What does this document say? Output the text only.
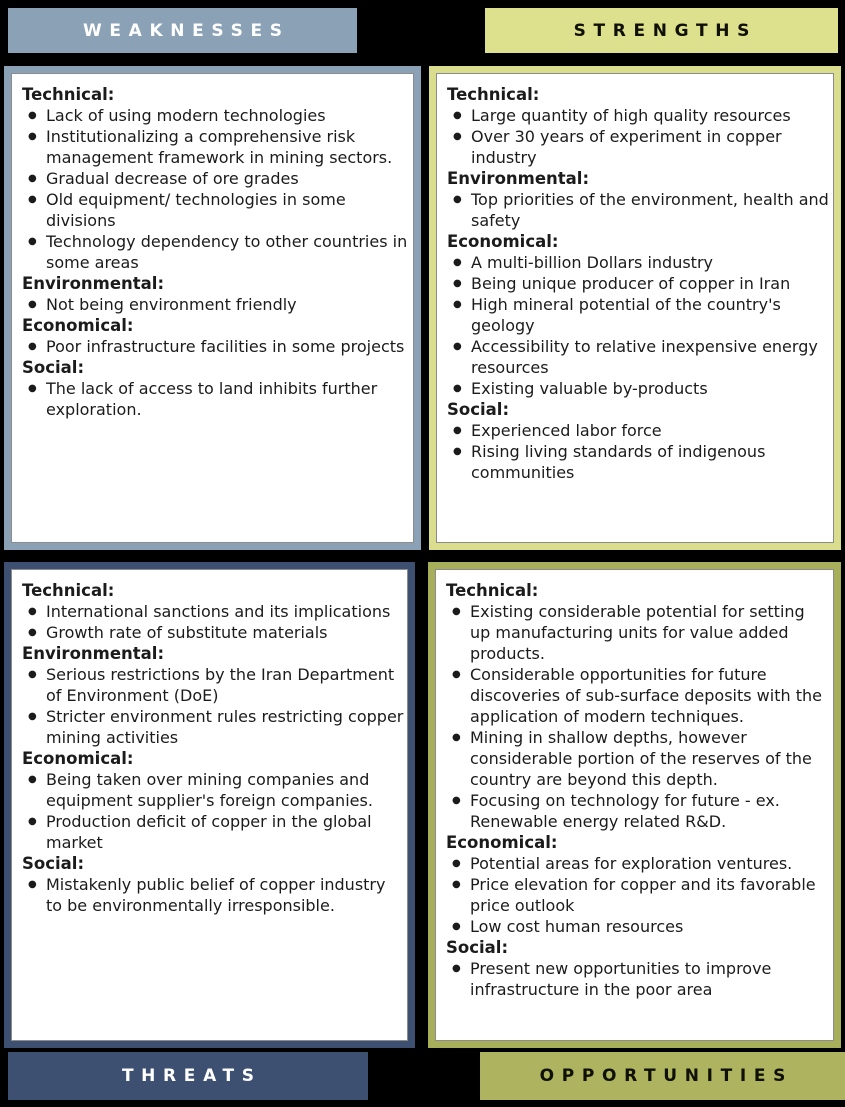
WEAKNESSES	STRENGTHS
Technical:
● Lack of using modern technologies
● Institutionalizing a comprehensive risk management framework in mining sectors.
● Gradual decrease of ore grades
● Old equipment/ technologies in some divisions
● Technology dependency to other countries in some areas
Environmental:
● Not being environment friendly
Economical:
● Poor infrastructure facilities in some projects
Social:
● The lack of access to land inhibits further exploration.
Technical:
● Large quantity of high quality resources
● Over 30 years of experiment in copper industry
Environmental:
● Top priorities of the environment, health and safety
Economical:
● A multi-billion Dollars industry
● Being unique producer of copper in Iran
● High mineral potential of the country's geology
● Accessibility to relative inexpensive energy resources
● Existing valuable by-products
Social:
● Experienced labor force
● Rising living standards of indigenous communities
Technical:
● International sanctions and its implications
● Growth rate of substitute materials
Environmental:
● Serious restrictions by the Iran Department of Environment (DoE)
● Stricter environment rules restricting copper mining activities
Economical:
● Being taken over mining companies and equipment supplier's foreign companies.
● Production deficit of copper in the global market
Social:
● Mistakenly public belief of copper industry to be environmentally irresponsible.
Technical:
● Existing considerable potential for setting up manufacturing units for value added products.
● Considerable opportunities for future discoveries of sub-surface deposits with the application of modern techniques.
● Mining in shallow depths, however considerable portion of the reserves of the country are beyond this depth.
● Focusing on technology for future - ex. Renewable energy related R&D.
Economical:
● Potential areas for exploration ventures.
● Price elevation for copper and its favorable price outlook
● Low cost human resources
Social:
● Present new opportunities to improve infrastructure in the poor area
THREATS	OPPORTUNITIES
